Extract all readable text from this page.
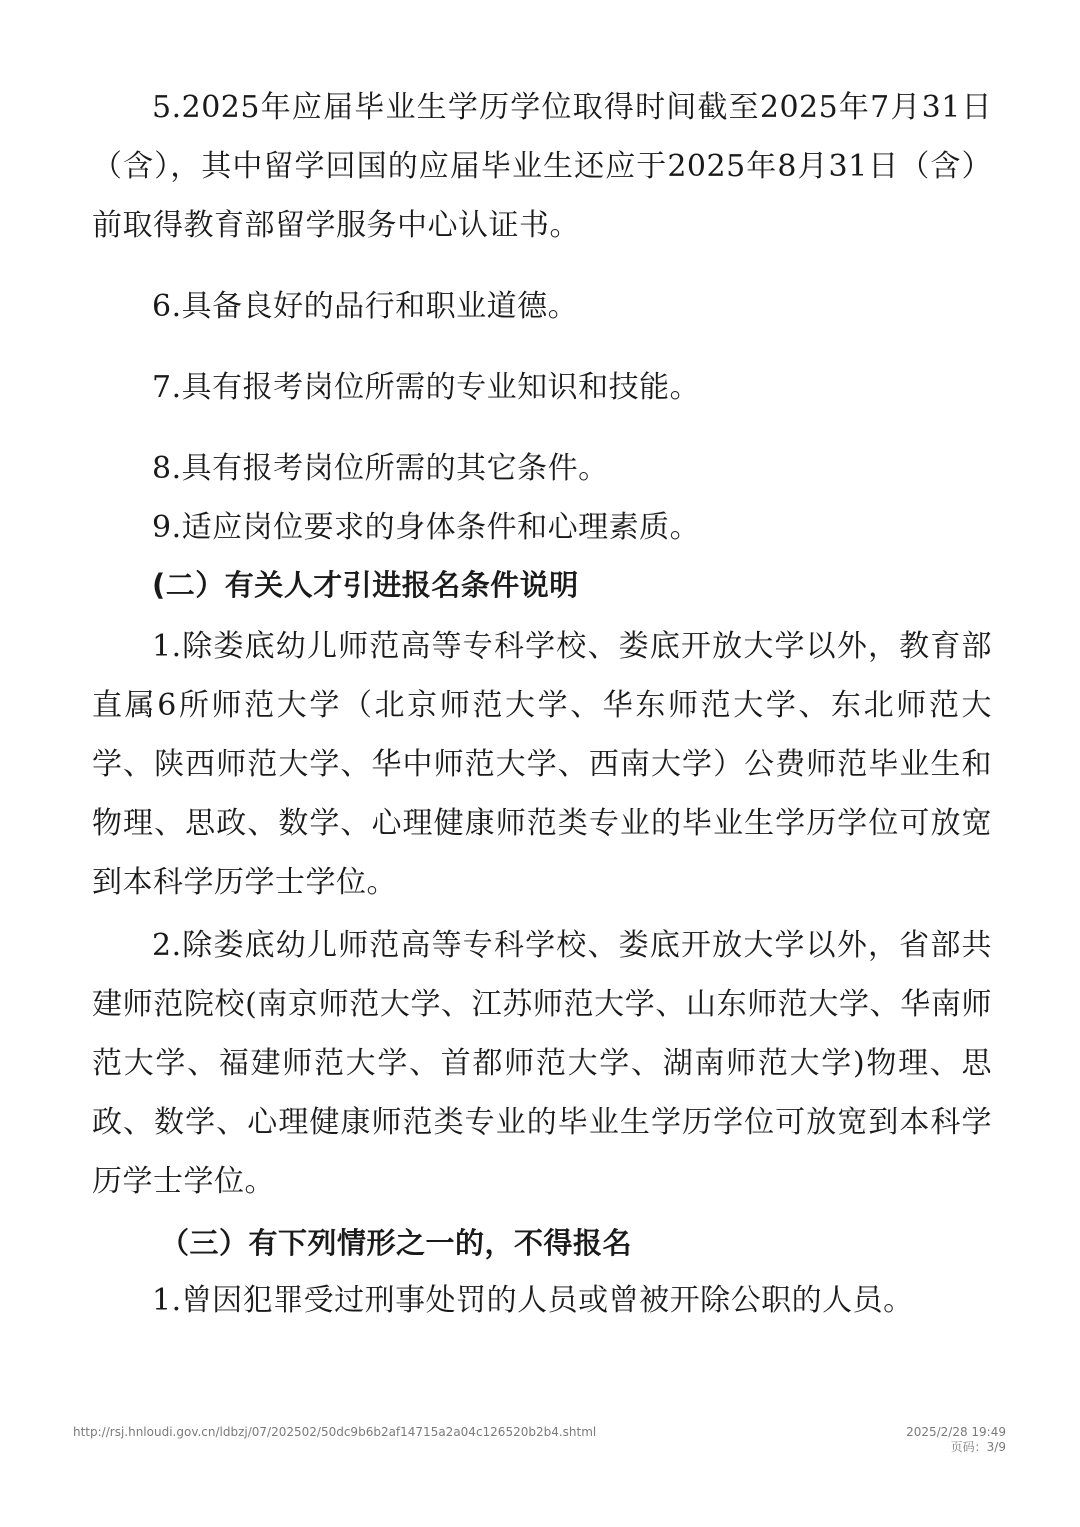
5.2025年应届毕业生学历学位取得时间截至2025年7月31日（含），其中留学回国的应届毕业生还应于2025年8月31日（含）前取得教育部留学服务中心认证书。

6.具备良好的品行和职业道德。

7.具有报考岗位所需的专业知识和技能。

8.具有报考岗位所需的其它条件。

9.适应岗位要求的身体条件和心理素质。

(二）有关人才引进报名条件说明

1.除娄底幼儿师范高等专科学校、娄底开放大学以外，教育部直属6所师范大学（北京师范大学、华东师范大学、东北师范大学、陕西师范大学、华中师范大学、西南大学）公费师范毕业生和物理、思政、数学、心理健康师范类专业的毕业生学历学位可放宽到本科学历学士学位。

2.除娄底幼儿师范高等专科学校、娄底开放大学以外，省部共建师范院校(南京师范大学、江苏师范大学、山东师范大学、华南师范大学、福建师范大学、首都师范大学、湖南师范大学)物理、思政、数学、心理健康师范类专业的毕业生学历学位可放宽到本科学历学士学位。

（三）有下列情形之一的，不得报名

1.曾因犯罪受过刑事处罚的人员或曾被开除公职的人员。

http://rsj.hnloudi.gov.cn/ldbzj/07/202502/50dc9b6b2af14715a2a04c126520b2b4.shtml	2025/2/28 19:49
页码：3/9
